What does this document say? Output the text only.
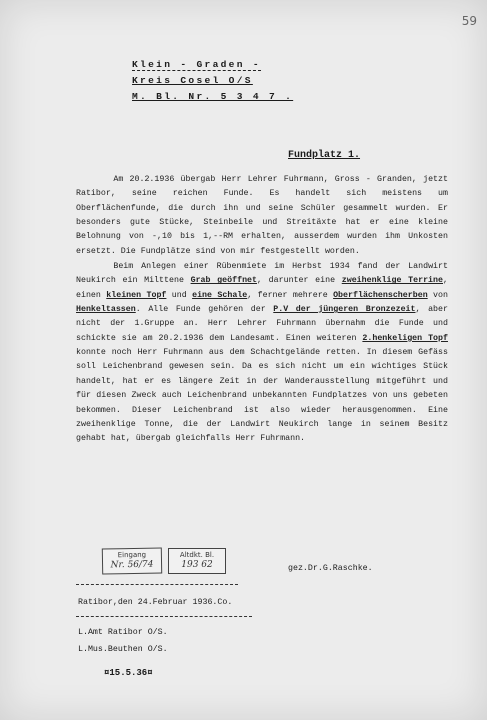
59
Klein - Graden -
Kreis Cosel O/S
M. Bl. Nr. 5 3 4 7 .
Fundplatz 1.

Am 20.2.1936 übergab Herr Lehrer Fuhrmann, Gross - Granden, jetzt Ratibor, seine reichen Funde. Es handelt sich meistens um Oberflächenfunde, die durch ihn und seine Schüler gesammelt wurden. Er besonders gute Stücke, Steinbeile und Streitäxte hat er eine kleine Belohnung von -,10 bis 1,--RM erhalten, ausserdem wurden ihm Unkosten ersetzt. Die Fundplätze sind von mir festgestellt worden.

Beim Anlegen einer Rübenmiete im Herbst 1934 fand der Landwirt Neukirch ein Milttene Grab geöffnet, darunter eine zweihenklige Terrine, einen kleinen Topf und eine Schale, ferner mehrere Oberflächenscherben von Henkeltassen. Alle Funde gehören der P.V der jüngeren Bronzezeit, aber nicht der 1.Gruppe an. Herr Lehrer Fuhrmann übernahm die Funde und schickte sie am 20.2.1936 dem Landesamt. Einen weiteren 2.henkeligen Topf konnte noch Herr Fuhrmann aus dem Schachtgelände retten. In diesem Gefäss soll Leichenbrand gewesen sein. Da es sich nicht um ein wichtiges Stück handelt, hat er es längere Zeit in der Wanderausstellung mitgeführt und für diesen Zweck auch Leichenbrand unbekannten Fundplatzes von uns gebeten bekommen. Dieser Leichenbrand ist also wieder herausgenommen. Eine zweihenklige Tonne, die der Landwirt Neukirch lange in seinem Besitz gehabt hat, übergab gleichfalls Herr Fuhrmann.

Eingang
Nr. 56/74
Altdkt. Bl.
193 62	gez.Dr.G.Raschke.
Ratibor,den 24.Februar 1936.Co.
L.Amt Ratibor O/S.
L.Mus.Beuthen O/S.
¤15.5.36¤
